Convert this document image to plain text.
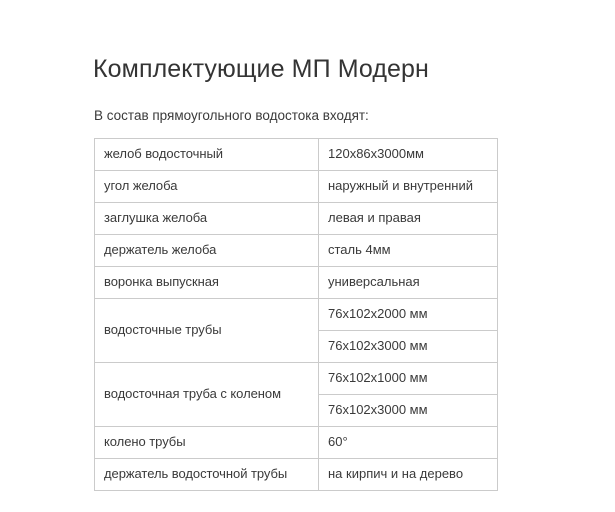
Комплектующие МП Модерн

В состав прямоугольного водостока входят:

желоб водосточный	120x86x3000мм
угол желоба	наружный и внутренний
заглушка желоба	левая и правая
держатель желоба	сталь 4мм
воронка выпускная	универсальная
водосточные трубы	76x102x2000 мм
	76x102x3000 мм
водосточная труба с коленом	76x102x1000 мм
	76x102x3000 мм
колено трубы	60°
держатель водосточной трубы	на кирпич и на дерево
